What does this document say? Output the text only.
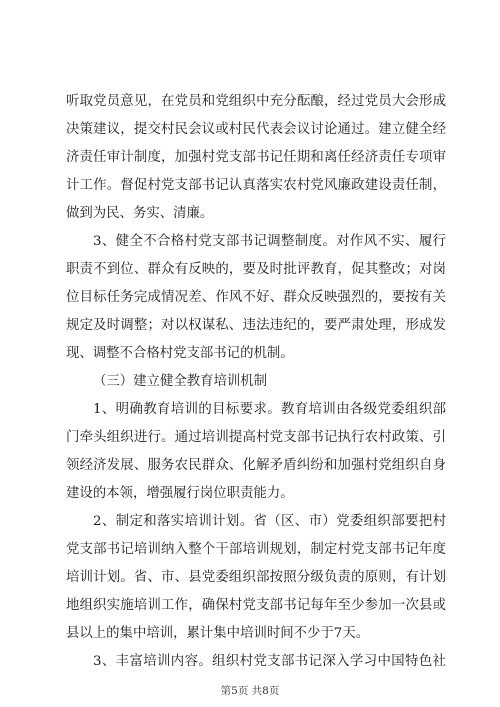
听取党员意见，在党员和党组织中充分酝酿，经过党员大会形成
决策建议，提交村民会议或村民代表会议讨论通过。建立健全经
济责任审计制度，加强村党支部书记任期和离任经济责任专项审
计工作。督促村党支部书记认真落实农村党风廉政建设责任制，
做到为民、务实、清廉。
3、健全不合格村党支部书记调整制度。对作风不实、履行
职责不到位、群众有反映的，要及时批评教育，促其整改；对岗
位目标任务完成情况差、作风不好、群众反映强烈的，要按有关
规定及时调整；对以权谋私、违法违纪的，要严肃处理，形成发
现、调整不合格村党支部书记的机制。
（三）建立健全教育培训机制
1、明确教育培训的目标要求。教育培训由各级党委组织部
门牵头组织进行。通过培训提高村党支部书记执行农村政策、引
领经济发展、服务农民群众、化解矛盾纠纷和加强村党组织自身
建设的本领，增强履行岗位职责能力。
2、制定和落实培训计划。省（区、市）党委组织部要把村
党支部书记培训纳入整个干部培训规划，制定村党支部书记年度
培训计划。省、市、县党委组织部按照分级负责的原则，有计划
地组织实施培训工作，确保村党支部书记每年至少参加一次县或
县以上的集中培训，累计集中培训时间不少于7天。
3、丰富培训内容。组织村党支部书记深入学习中国特色社
第5页 共8页
